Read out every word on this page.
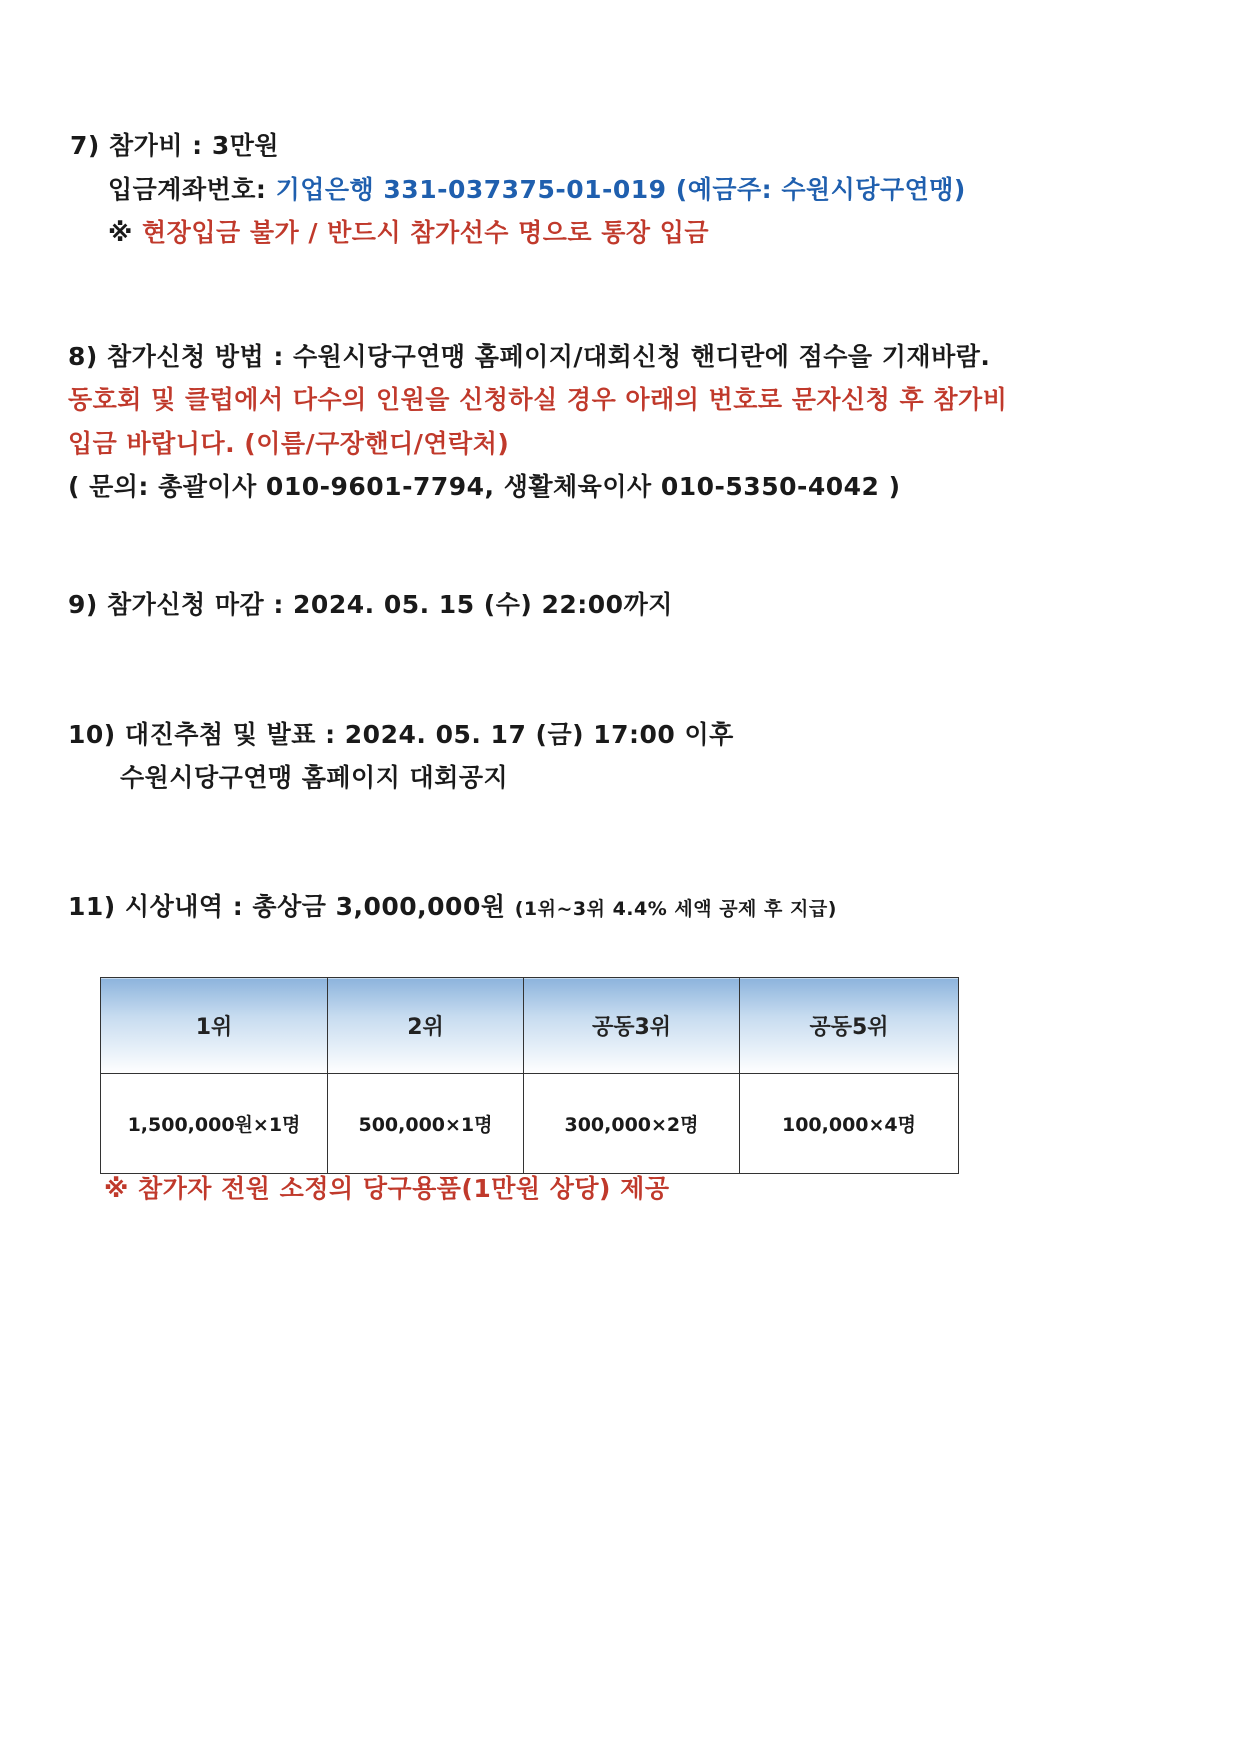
7) 참가비 : 3만원
입금계좌번호: 기업은행 331-037375-01-019 (예금주: 수원시당구연맹)
※ 현장입금 불가 / 반드시 참가선수 명으로 통장 입금
8) 참가신청 방법 : 수원시당구연맹 홈페이지/대회신청 핸디란에 점수을 기재바람.
동호회 및 클럽에서 다수의 인원을 신청하실 경우 아래의 번호로 문자신청 후 참가비
입금 바랍니다. (이름/구장핸디/연락처)
( 문의: 총괄이사 010-9601-7794, 생활체육이사 010-5350-4042 )
9) 참가신청 마감 : 2024. 05. 15 (수) 22:00까지
10) 대진추첨 및 발표 : 2024. 05. 17 (금) 17:00 이후
수원시당구연맹 홈페이지 대회공지
11) 시상내역 : 총상금 3,000,000원 (1위~3위 4.4% 세액 공제 후 지급)
1위	2위	공동3위	공동5위
1,500,000원×1명	500,000×1명	300,000×2명	100,000×4명
※ 참가자 전원 소정의 당구용품(1만원 상당) 제공
